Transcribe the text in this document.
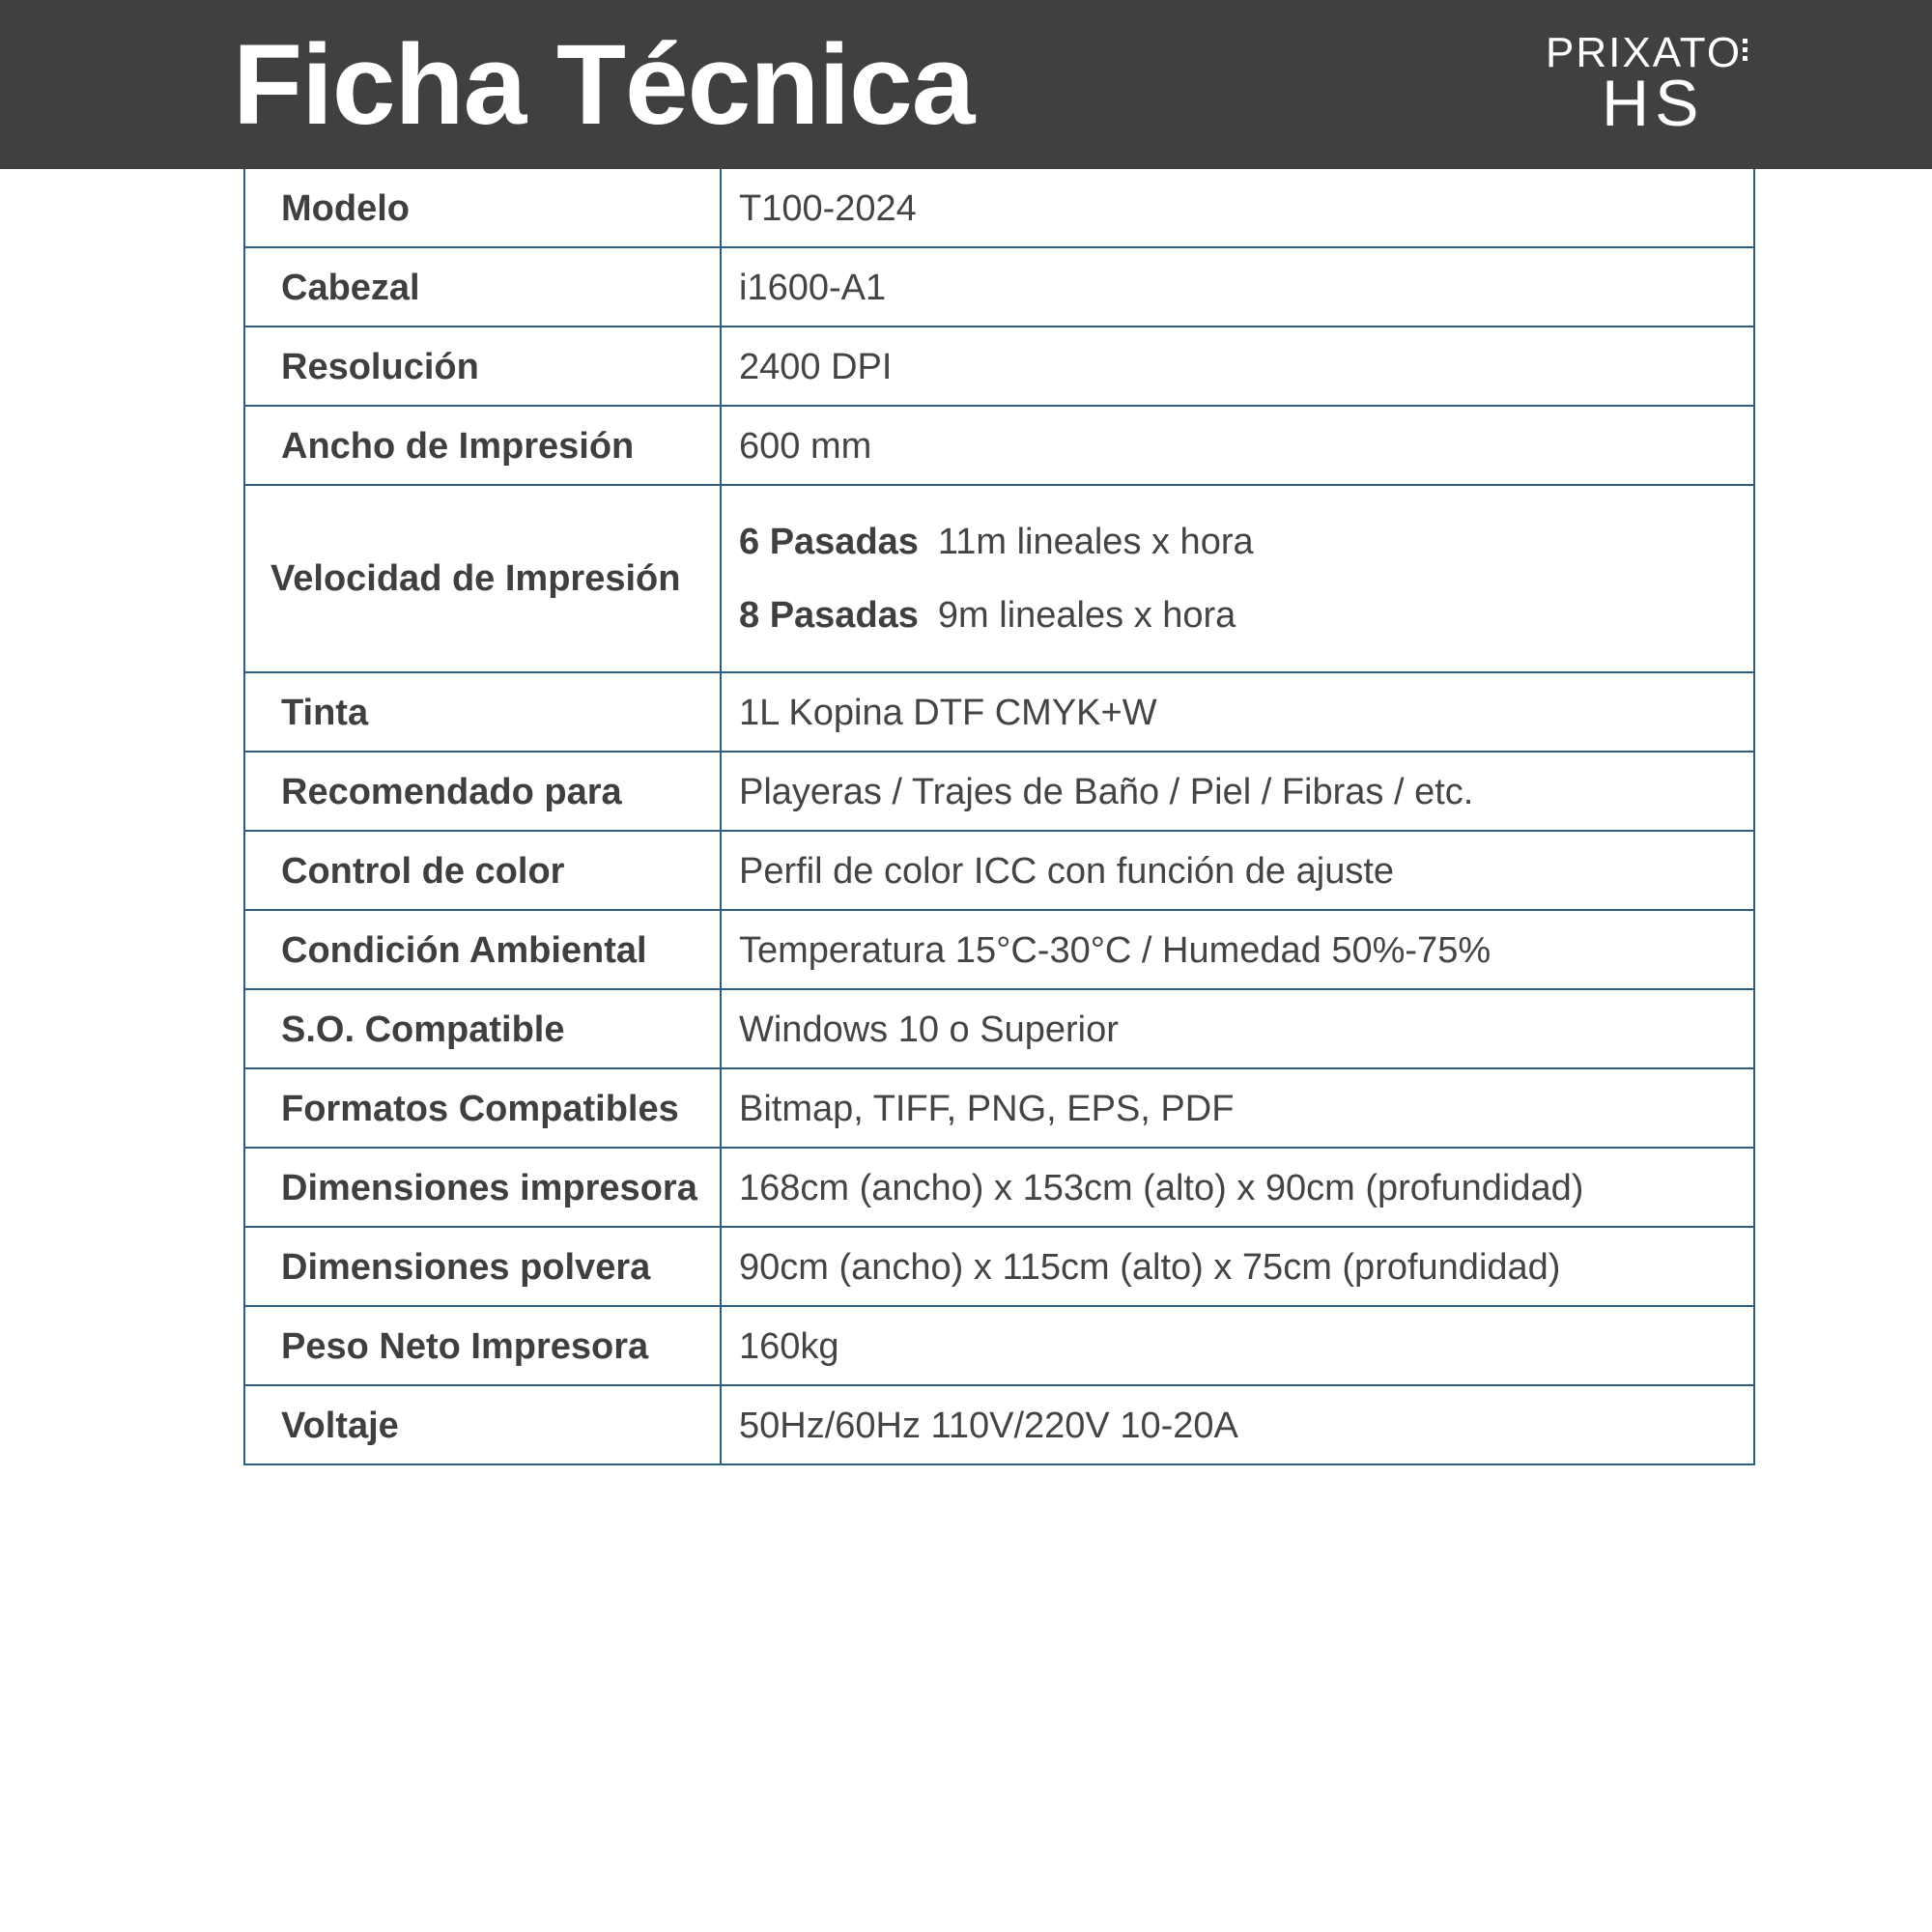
Ficha Técnica	PRIXATO
HS
Modelo	T100-2024
Cabezal	i1600-A1
Resolución	2400 DPI
Ancho de Impresión	600 mm
Velocidad de Impresión	6 Pasadas 11m lineales x hora
8 Pasadas 9m lineales x hora

Tinta	1L Kopina DTF CMYK+W
Recomendado para	Playeras / Trajes de Baño / Piel / Fibras / etc.
Control de color	Perfil de color ICC con función de ajuste
Condición Ambiental	Temperatura 15°C-30°C / Humedad 50%-75%
S.O. Compatible	Windows 10 o Superior
Formatos Compatibles	Bitmap, TIFF, PNG, EPS, PDF
Dimensiones impresora	168cm (ancho) x 153cm (alto) x 90cm (profundidad)
Dimensiones polvera	90cm (ancho) x 115cm (alto) x 75cm (profundidad)
Peso Neto Impresora	160kg
Voltaje	50Hz/60Hz 110V/220V 10-20A
